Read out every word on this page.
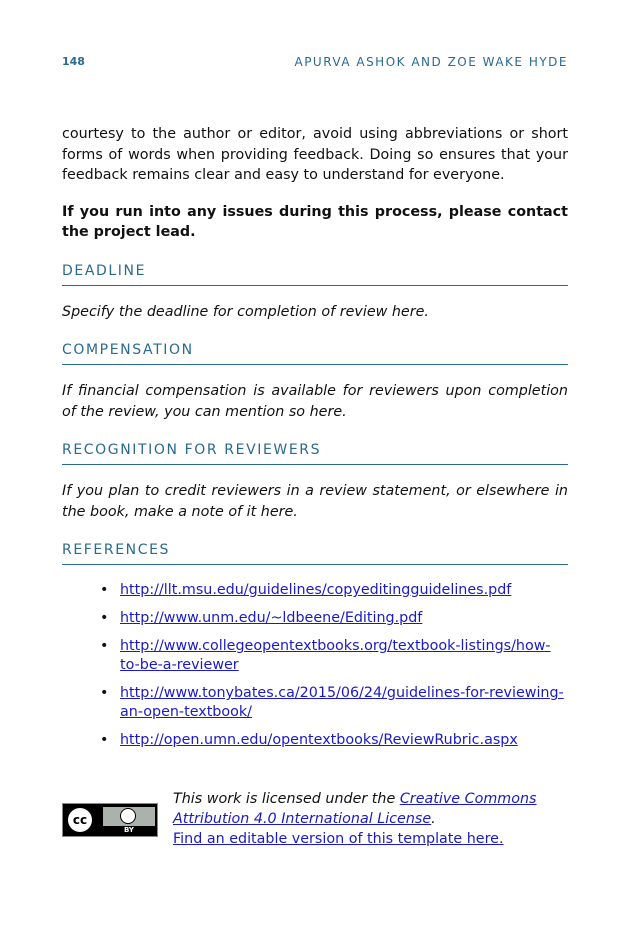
148	APURVA ASHOK AND ZOE WAKE HYDE

courtesy to the author or editor, avoid using abbreviations or short forms of words when providing feedback. Doing so ensures that your feedback remains clear and easy to understand for everyone.

If you run into any issues during this process, please contact the project lead.

DEADLINE

Specify the deadline for completion of review here.

COMPENSATION

If financial compensation is available for reviewers upon completion of the review, you can mention so here.

RECOGNITION FOR REVIEWERS

If you plan to credit reviewers in a review statement, or elsewhere in the book, make a note of it here.

REFERENCES
• http://llt.msu.edu/guidelines/copyeditingguidelines.pdf
• http://www.unm.edu/~ldbeene/Editing.pdf
• http://www.collegeopentextbooks.org/textbook-listings/how-to-be-a-reviewer
• http://www.tonybates.ca/2015/06/24/guidelines-for-reviewing-an-open-textbook/
• http://open.umn.edu/opentextbooks/ReviewRubric.aspx
cc
BY
This work is licensed under the Creative Commons Attribution 4.0 International License.
Find an editable version of this template here.
